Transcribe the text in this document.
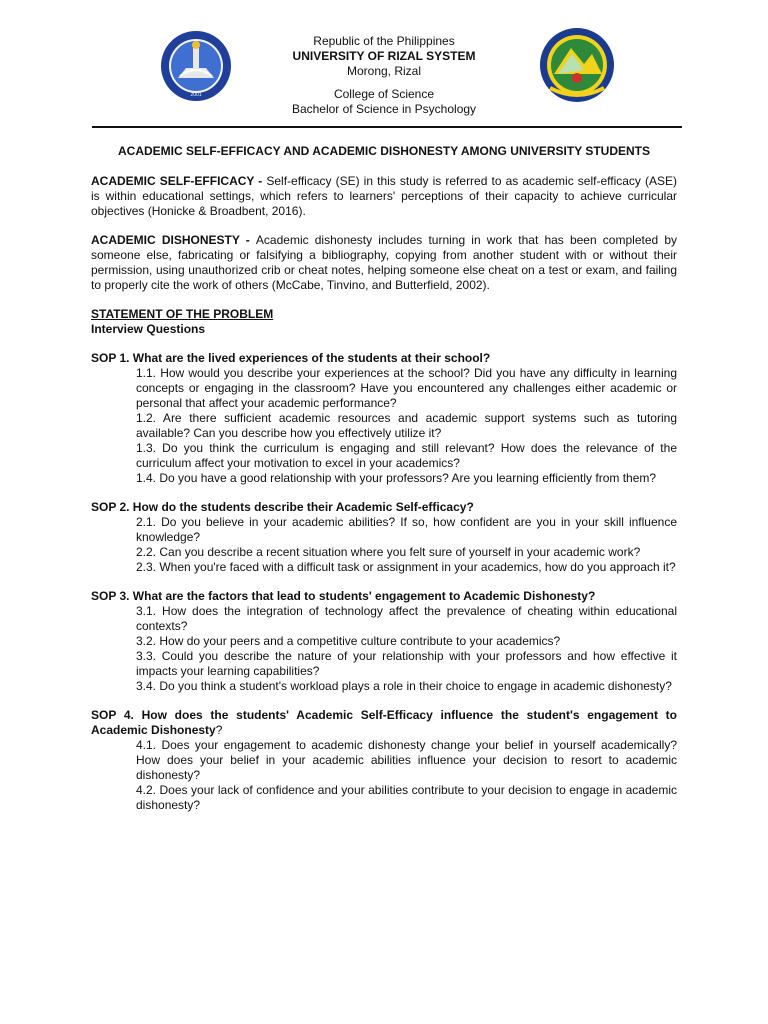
2001
Republic of the Philippines
UNIVERSITY OF RIZAL SYSTEM
Morong, Rizal
College of Science
Bachelor of Science in Psychology
ACADEMIC SELF-EFFICACY AND ACADEMIC DISHONESTY AMONG UNIVERSITY STUDENTS
ACADEMIC SELF-EFFICACY - Self-efficacy (SE) in this study is referred to as academic self-efficacy (ASE) is within educational settings, which refers to learners' perceptions of their capacity to achieve curricular objectives (Honicke & Broadbent, 2016).
ACADEMIC DISHONESTY - Academic dishonesty includes turning in work that has been completed by someone else, fabricating or falsifying a bibliography, copying from another student with or without their permission, using unauthorized crib or cheat notes, helping someone else cheat on a test or exam, and failing to properly cite the work of others (McCabe, Tinvino, and Butterfield, 2002).
STATEMENT OF THE PROBLEM
Interview Questions
SOP 1. What are the lived experiences of the students at their school?
1.1. How would you describe your experiences at the school? Did you have any difficulty in learning concepts or engaging in the classroom? Have you encountered any challenges either academic or personal that affect your academic performance?
1.2. Are there sufficient academic resources and academic support systems such as tutoring available? Can you describe how you effectively utilize it?
1.3. Do you think the curriculum is engaging and still relevant? How does the relevance of the curriculum affect your motivation to excel in your academics?
1.4. Do you have a good relationship with your professors? Are you learning efficiently from them?
SOP 2. How do the students describe their Academic Self-efficacy?
2.1. Do you believe in your academic abilities? If so, how confident are you in your skill influence knowledge?
2.2. Can you describe a recent situation where you felt sure of yourself in your academic work?
2.3. When you're faced with a difficult task or assignment in your academics, how do you approach it?
SOP 3. What are the factors that lead to students' engagement to Academic Dishonesty?
3.1. How does the integration of technology affect the prevalence of cheating within educational contexts?
3.2. How do your peers and a competitive culture contribute to your academics?
3.3. Could you describe the nature of your relationship with your professors and how effective it impacts your learning capabilities?
3.4. Do you think a student's workload plays a role in their choice to engage in academic dishonesty?
SOP 4. How does the students' Academic Self-Efficacy influence the student's engagement to Academic Dishonesty?
4.1. Does your engagement to academic dishonesty change your belief in yourself academically? How does your belief in your academic abilities influence your decision to resort to academic dishonesty?
4.2. Does your lack of confidence and your abilities contribute to your decision to engage in academic dishonesty?
